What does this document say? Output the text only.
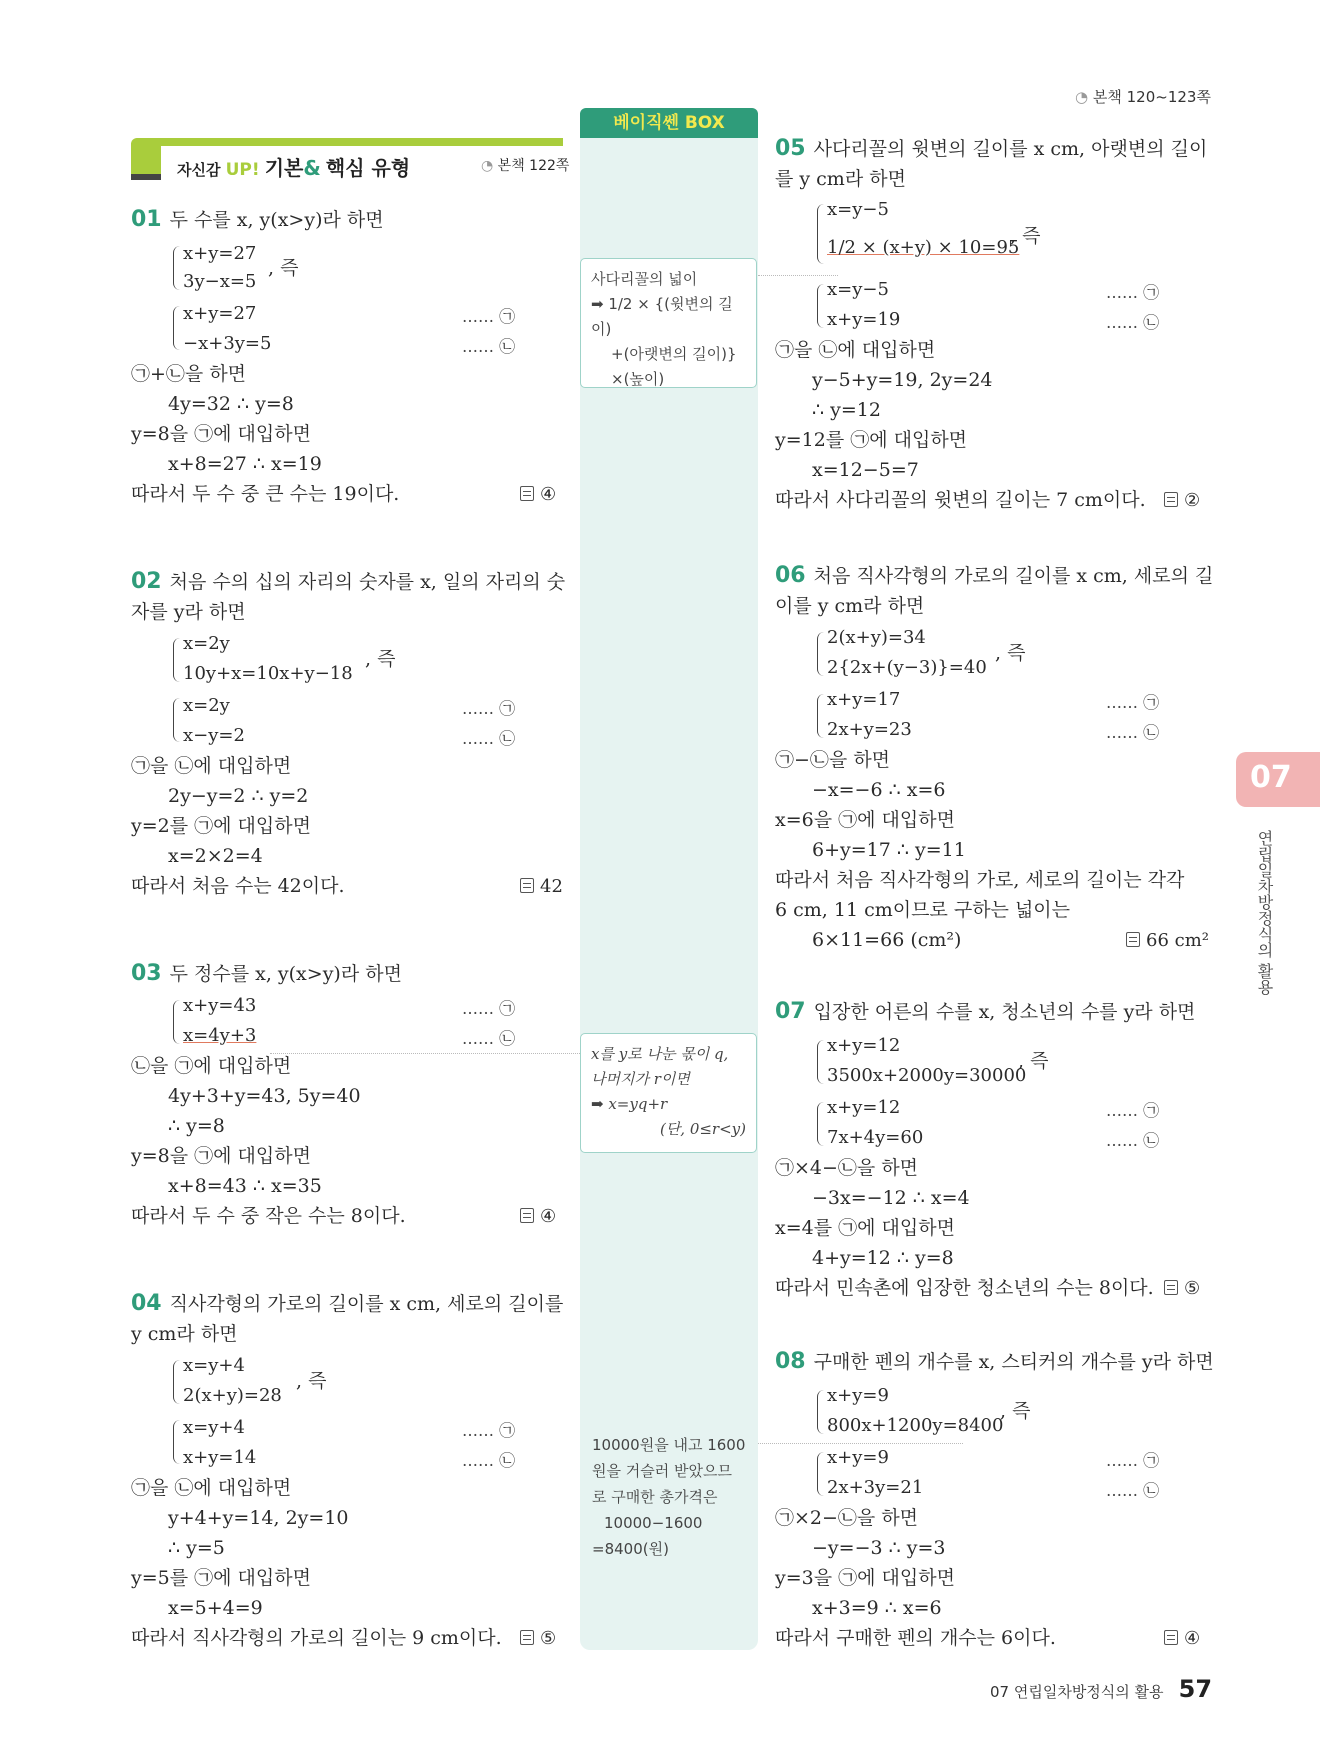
◔ 본책 120~123쪽
자신감 UP! 기본& 핵심 유형	◔ 본책 122쪽
베이직쎈 BOX
사다리꼴의 넓이
➡ 1/2 × {(윗변의 길이)
+(아랫변의 길이)}
×(높이)
x를 y로 나눈 몫이 q,
나머지가 r이면
➡ x=yq+r
(단, 0≤r<y)
10000원을 내고 1600
원을 거슬러 받았으므
로 구매한 총가격은
10000−1600
=8400(원)
07
연립일차방정식의 활용
07 연립일차방정식의 활용 57
01 두 수를 x, y(x>y)라 하면
x+y=27
3y−x=5
, 즉
x+y=27	…… ㉠
−x+3y=5	…… ㉡
㉠+㉡을 하면
4y=32 ∴ y=8
y=8을 ㉠에 대입하면
x+8=27 ∴ x=19
따라서 두 수 중 큰 수는 19이다.	④
02 처음 수의 십의 자리의 숫자를 x, 일의 자리의 숫
자를 y라 하면
x=2y
10y+x=10x+y−18
, 즉
x=2y	…… ㉠
x−y=2	…… ㉡
㉠을 ㉡에 대입하면
2y−y=2 ∴ y=2
y=2를 ㉠에 대입하면
x=2×2=4
따라서 처음 수는 42이다.	42
03 두 정수를 x, y(x>y)라 하면
x+y=43	…… ㉠
x=4y+3	…… ㉡
㉡을 ㉠에 대입하면
4y+3+y=43, 5y=40
∴ y=8
y=8을 ㉠에 대입하면
x+8=43 ∴ x=35
따라서 두 수 중 작은 수는 8이다.	④
04 직사각형의 가로의 길이를 x cm, 세로의 길이를
y cm라 하면
x=y+4
2(x+y)=28
, 즉
x=y+4	…… ㉠
x+y=14	…… ㉡
㉠을 ㉡에 대입하면
y+4+y=14, 2y=10
∴ y=5
y=5를 ㉠에 대입하면
x=5+4=9
따라서 직사각형의 가로의 길이는 9 cm이다.	⑤
05 사다리꼴의 윗변의 길이를 x cm, 아랫변의 길이
를 y cm라 하면
x=y−5
1/2 × (x+y) × 10=95
, 즉
x=y−5	…… ㉠
x+y=19	…… ㉡
㉠을 ㉡에 대입하면
y−5+y=19, 2y=24
∴ y=12
y=12를 ㉠에 대입하면
x=12−5=7
따라서 사다리꼴의 윗변의 길이는 7 cm이다.	②
06 처음 직사각형의 가로의 길이를 x cm, 세로의 길
이를 y cm라 하면
2(x+y)=34
2{2x+(y−3)}=40
, 즉
x+y=17	…… ㉠
2x+y=23	…… ㉡
㉠−㉡을 하면
−x=−6 ∴ x=6
x=6을 ㉠에 대입하면
6+y=17 ∴ y=11
따라서 처음 직사각형의 가로, 세로의 길이는 각각
6 cm, 11 cm이므로 구하는 넓이는
6×11=66 (cm²)	66 cm²
07 입장한 어른의 수를 x, 청소년의 수를 y라 하면
x+y=12
3500x+2000y=30000
, 즉
x+y=12	…… ㉠
7x+4y=60	…… ㉡
㉠×4−㉡을 하면
−3x=−12 ∴ x=4
x=4를 ㉠에 대입하면
4+y=12 ∴ y=8
따라서 민속촌에 입장한 청소년의 수는 8이다.	⑤
08 구매한 펜의 개수를 x, 스티커의 개수를 y라 하면
x+y=9
800x+1200y=8400
, 즉
x+y=9	…… ㉠
2x+3y=21	…… ㉡
㉠×2−㉡을 하면
−y=−3 ∴ y=3
y=3을 ㉠에 대입하면
x+3=9 ∴ x=6
따라서 구매한 펜의 개수는 6이다.	④
